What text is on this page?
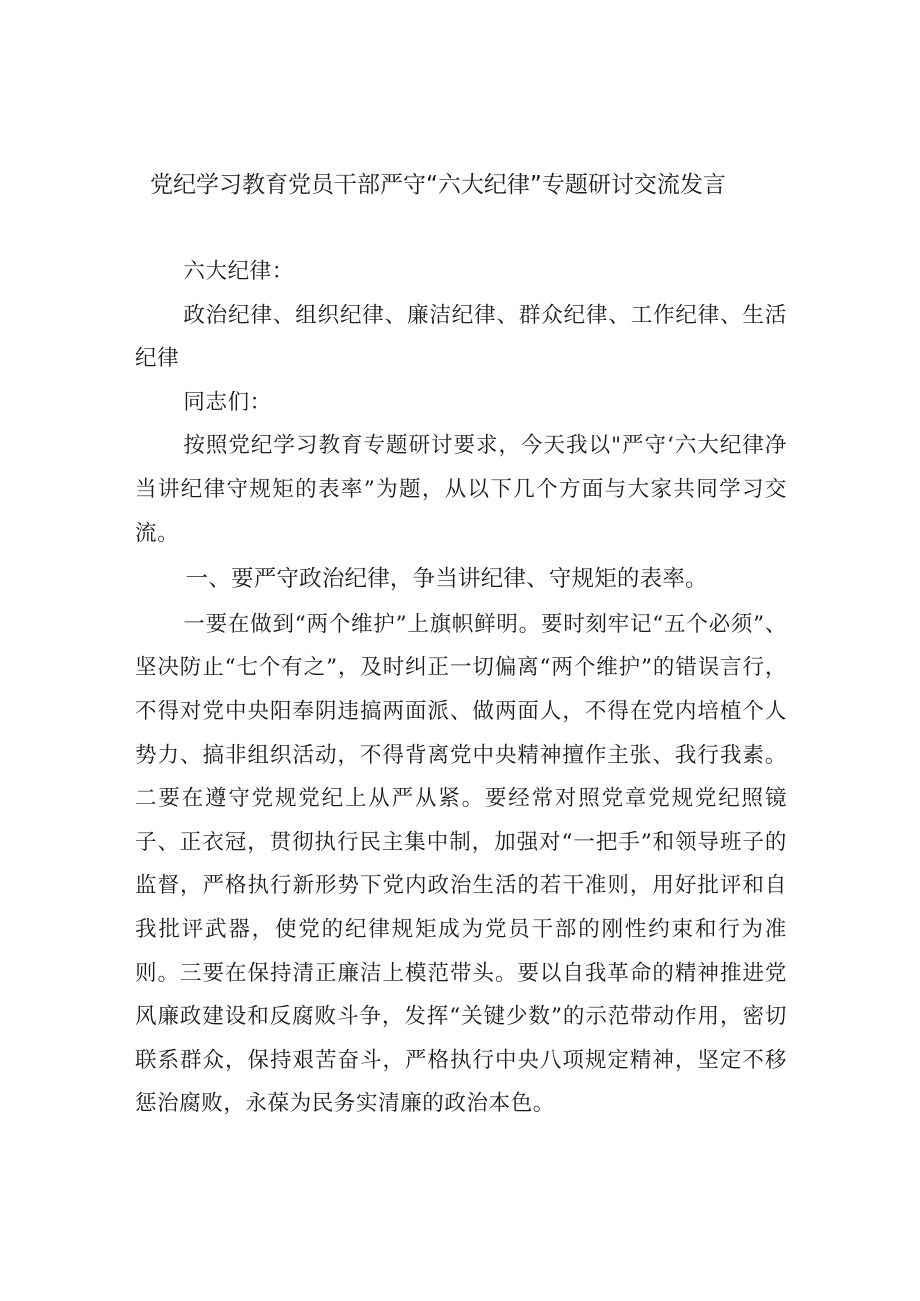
党纪学习教育党员干部严守“六大纪律”专题研讨交流发言

六大纪律：

政治纪律、组织纪律、廉洁纪律、群众纪律、工作纪律、生活纪律

同志们：

按照党纪学习教育专题研讨要求，今天我以"严守‘六大纪律净当讲纪律守规矩的表率”为题，从以下几个方面与大家共同学习交流。

一、要严守政治纪律，争当讲纪律、守规矩的表率。

一要在做到“两个维护”上旗帜鲜明。要时刻牢记“五个必须”、坚决防止“七个有之”，及时纠正一切偏离“两个维护”的错误言行，不得对党中央阳奉阴违搞两面派、做两面人，不得在党内培植个人势力、搞非组织活动，不得背离党中央精神擅作主张、我行我素。二要在遵守党规党纪上从严从紧。要经常对照党章党规党纪照镜子、正衣冠，贯彻执行民主集中制，加强对“一把手”和领导班子的监督，严格执行新形势下党内政治生活的若干准则，用好批评和自我批评武器，使党的纪律规矩成为党员干部的刚性约束和行为准则。三要在保持清正廉洁上模范带头。要以自我革命的精神推进党风廉政建设和反腐败斗争，发挥“关键少数”的示范带动作用，密切联系群众，保持艰苦奋斗，严格执行中央八项规定精神，坚定不移惩治腐败，永葆为民务实清廉的政治本色。
